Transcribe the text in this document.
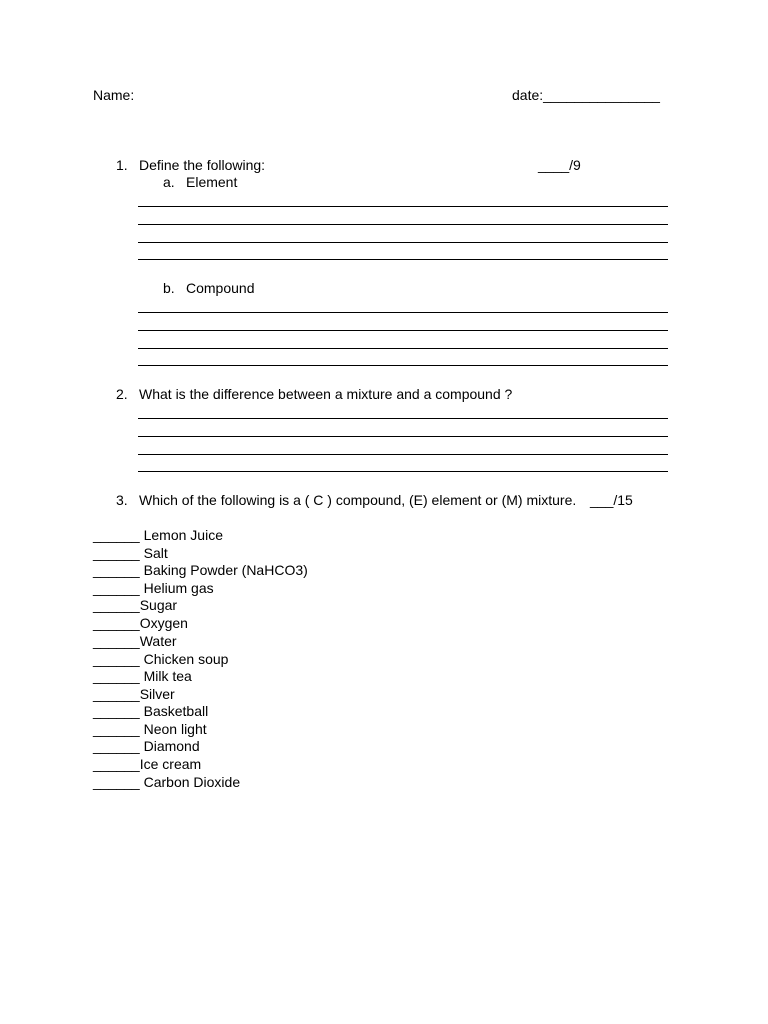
Name:	date:_______________
1. Define the following:	____/9
a. Element
b. Compound
2. What is the difference between a mixture and a compound ?
3. Which of the following is a ( C ) compound, (E) element or (M) mixture. ___/15
______ Lemon Juice
______ Salt
______ Baking Powder (NaHCO3)
______ Helium gas
______Sugar
______Oxygen
______Water
______ Chicken soup
______ Milk tea
______Silver
______ Basketball
______ Neon light
______ Diamond
______Ice cream
______ Carbon Dioxide
